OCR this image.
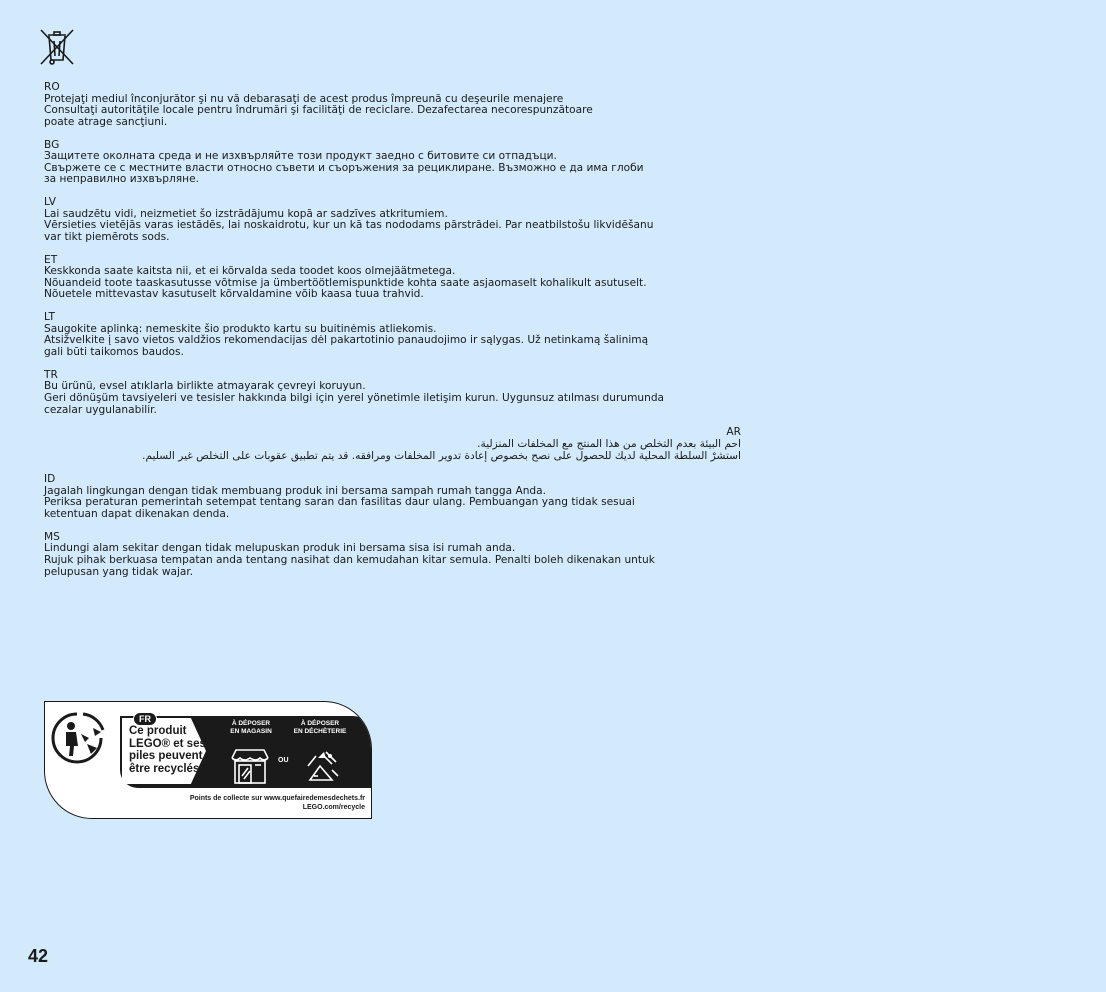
RO
Protejaţi mediul înconjurător şi nu vă debarasaţi de acest produs împreună cu deşeurile menajere
Consultaţi autorităţile locale pentru îndrumări şi facilităţi de reciclare. Dezafectarea necorespunzătoare
poate atrage sancţiuni.
BG
Защитете околната среда и не изхвърляйте този продукт заедно с битовите си отпадъци.
Свържете се с местните власти относно съвети и съоръжения за рециклиране. Възможно е да има глоби
за неправилно изхвърляне.
LV
Lai saudzētu vidi, neizmetiet šo izstrādājumu kopā ar sadzīves atkritumiem.
Vērsieties vietējās varas iestādēs, lai noskaidrotu, kur un kā tas nododams pārstrādei. Par neatbilstošu likvidēšanu
var tikt piemērots sods.
ET
Keskkonda saate kaitsta nii, et ei kõrvalda seda toodet koos olmejäätmetega.
Nõuandeid toote taaskasutusse võtmise ja ümbertöötlemispunktide kohta saate asjaomaselt kohalikult asutuselt.
Nõuetele mittevastav kasutuselt kõrvaldamine võib kaasa tuua trahvid.
LT
Saugokite aplinką: nemeskite šio produkto kartu su buitinėmis atliekomis.
Atsižvelkite į savo vietos valdžios rekomendacijas dėl pakartotinio panaudojimo ir sąlygas. Už netinkamą šalinimą
gali būti taikomos baudos.
TR
Bu ürünü, evsel atıklarla birlikte atmayarak çevreyi koruyun.
Geri dönüşüm tavsiyeleri ve tesisler hakkında bilgi için yerel yönetimle iletişim kurun. Uygunsuz atılması durumunda
cezalar uygulanabilir.
AR
احم البيئة بعدم التخلص من هذا المنتج مع المخلفات المنزلية.
استشرْ السلطة المحلية لديك للحصول على نصح بخصوص إعادة تدوير المخلفات ومرافقه. قد يتم تطبيق عقوبات على التخلص غير السليم.
ID
Jagalah lingkungan dengan tidak membuang produk ini bersama sampah rumah tangga Anda.
Periksa peraturan pemerintah setempat tentang saran dan fasilitas daur ulang. Pembuangan yang tidak sesuai
ketentuan dapat dikenakan denda.
MS
Lindungi alam sekitar dengan tidak melupuskan produk ini bersama sisa isi rumah anda.
Rujuk pihak berkuasa tempatan anda tentang nasihat dan kemudahan kitar semula. Penalti boleh dikenakan untuk
pelupusan yang tidak wajar.
FR
Ce produit
LEGO® et ses
piles peuvent
être recyclés
À DÉPOSER
EN MAGASIN
À DÉPOSER
EN DÉCHÈTERIE
OU
Points de collecte sur www.quefairedemesdechets.fr
LEGO.com/recycle
42
